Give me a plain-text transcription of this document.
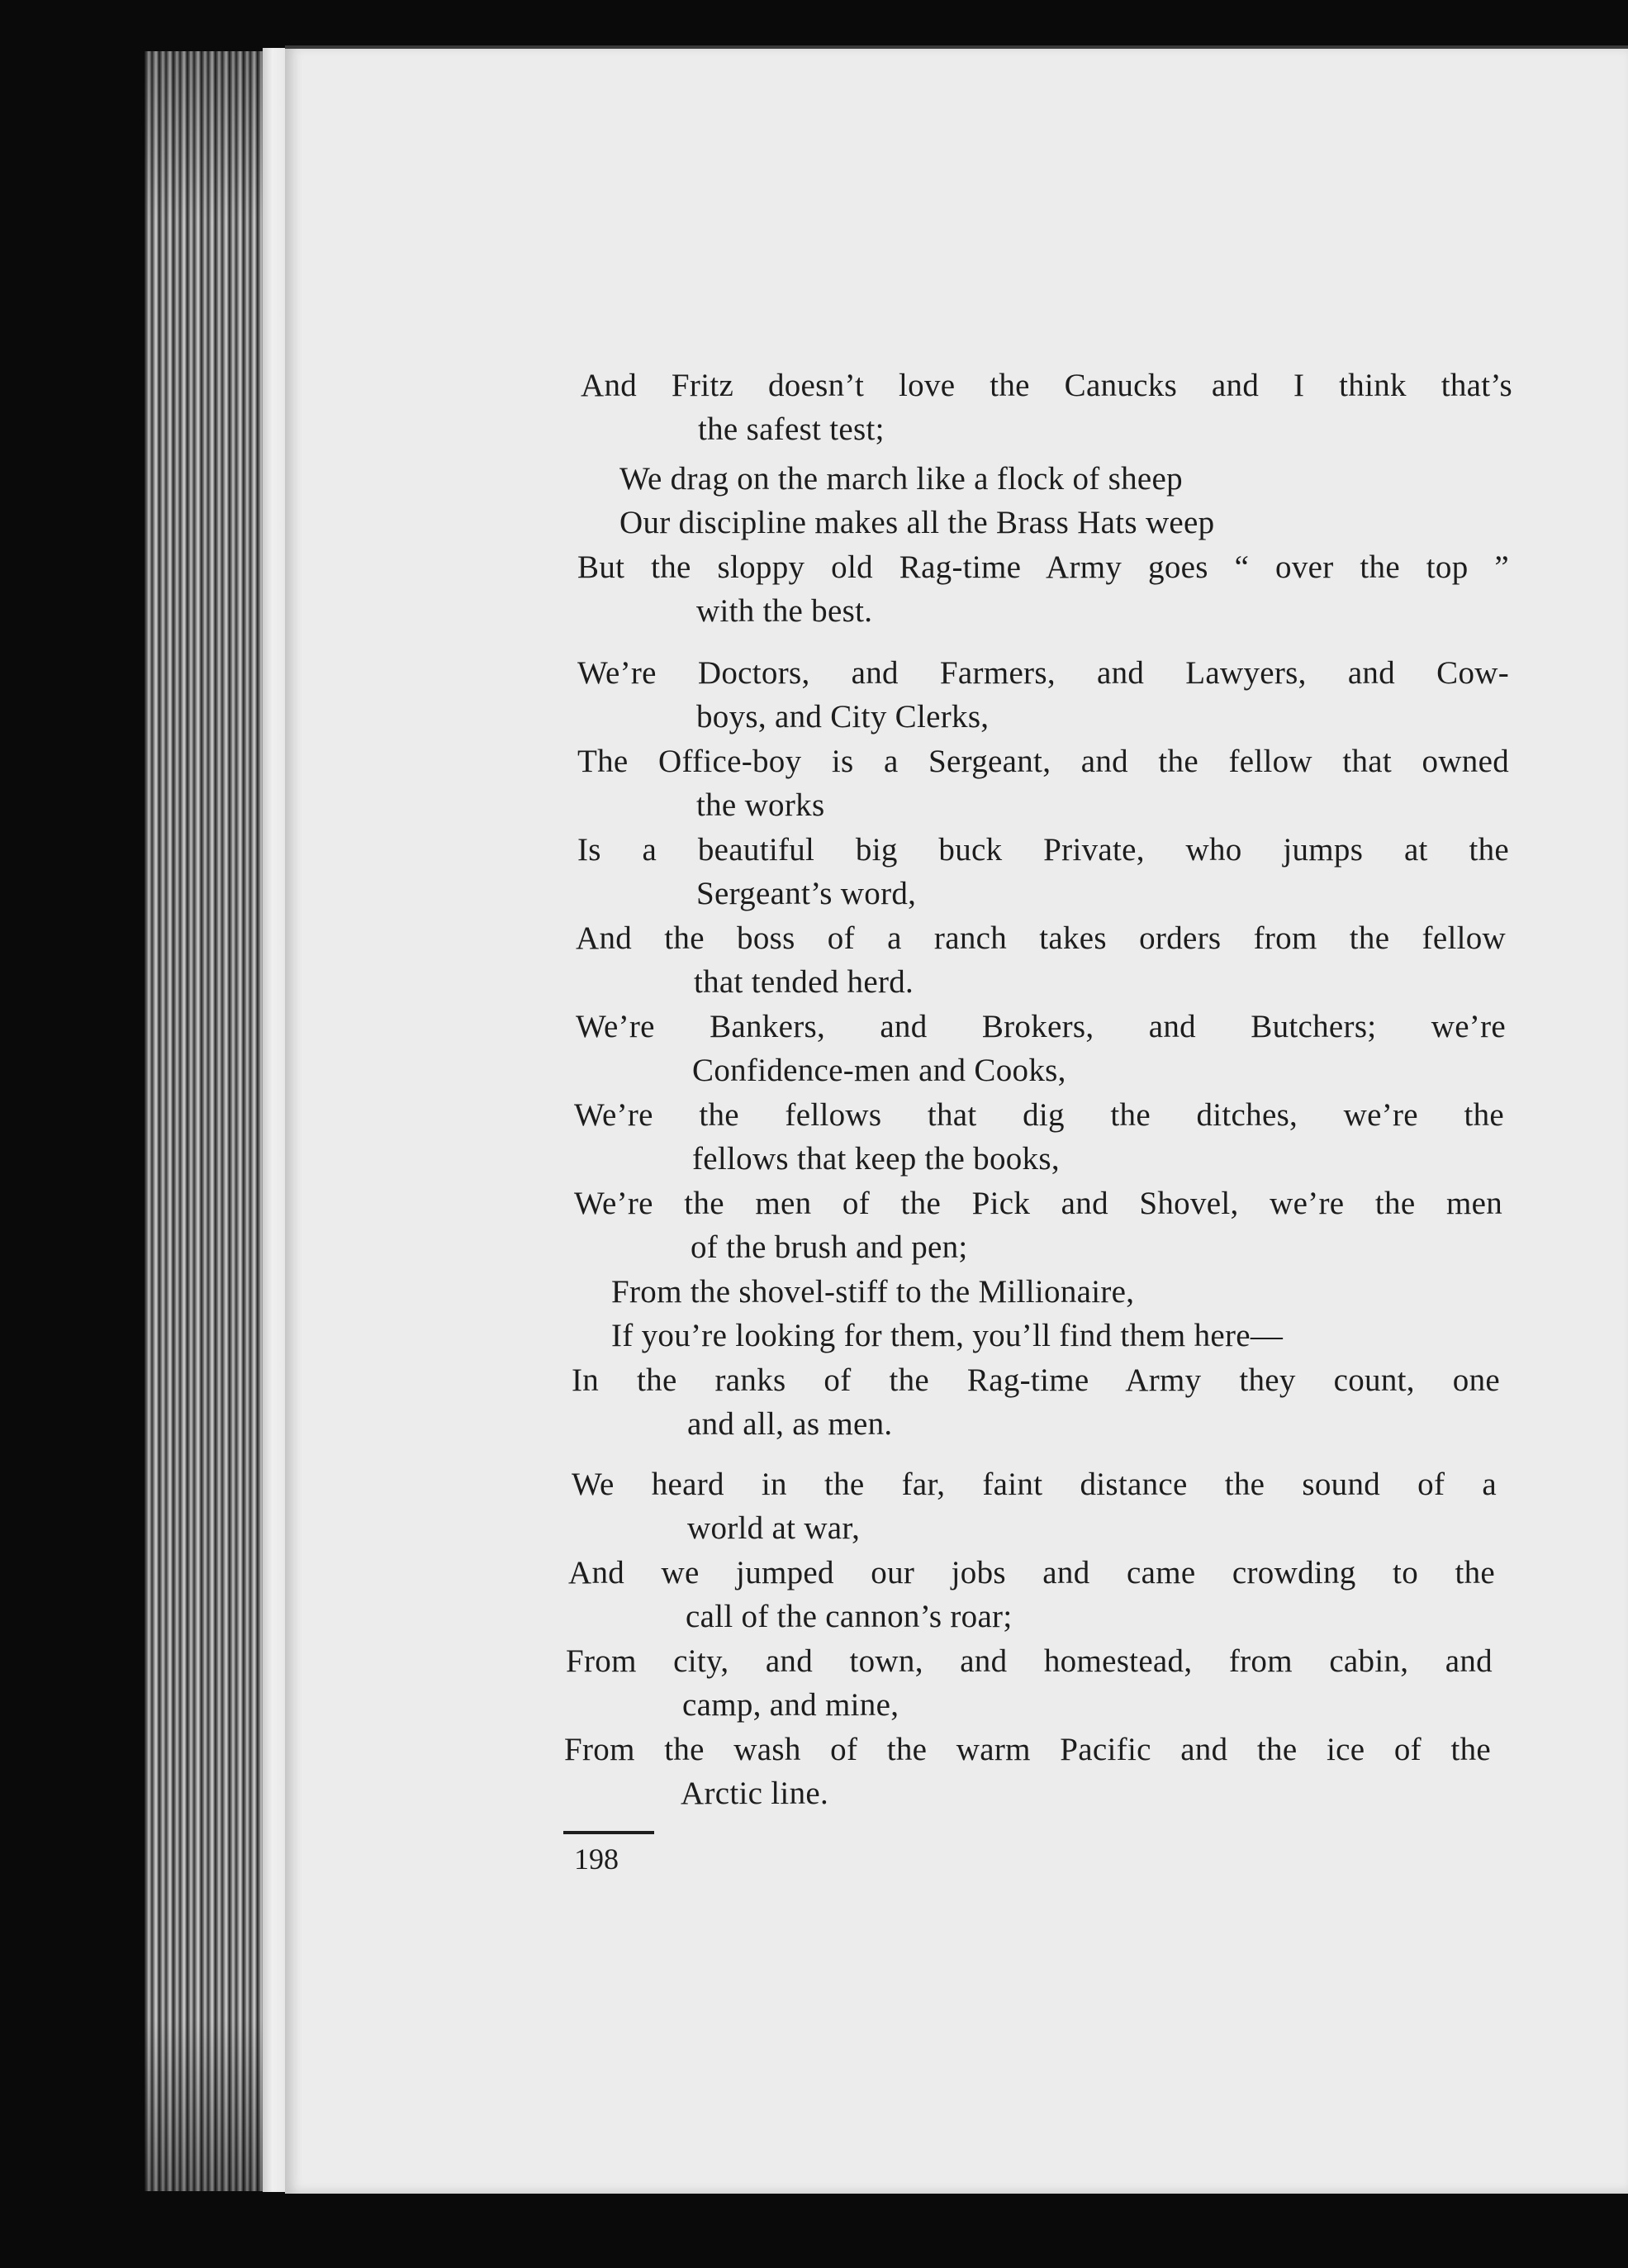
And Fritz doesn’t love the Canucks and I think that’s
the safest test;
We drag on the march like a flock of sheep
Our discipline makes all the Brass Hats weep
But the sloppy old Rag-time Army goes “ over the top ”
with the best.
We’re Doctors, and Farmers, and Lawyers, and Cow-
boys, and City Clerks,
The Office-boy is a Sergeant, and the fellow that owned
the works
Is a beautiful big buck Private, who jumps at the
Sergeant’s word,
And the boss of a ranch takes orders from the fellow
that tended herd.
We’re Bankers, and Brokers, and Butchers; we’re
Confidence-men and Cooks,
We’re the fellows that dig the ditches, we’re the
fellows that keep the books,
We’re the men of the Pick and Shovel, we’re the men
of the brush and pen;
From the shovel-stiff to the Millionaire,
If you’re looking for them, you’ll find them here—
In the ranks of the Rag-time Army they count, one
and all, as men.
We heard in the far, faint distance the sound of a
world at war,
And we jumped our jobs and came crowding to the
call of the cannon’s roar;
From city, and town, and homestead, from cabin, and
camp, and mine,
From the wash of the warm Pacific and the ice of the
Arctic line.
198
